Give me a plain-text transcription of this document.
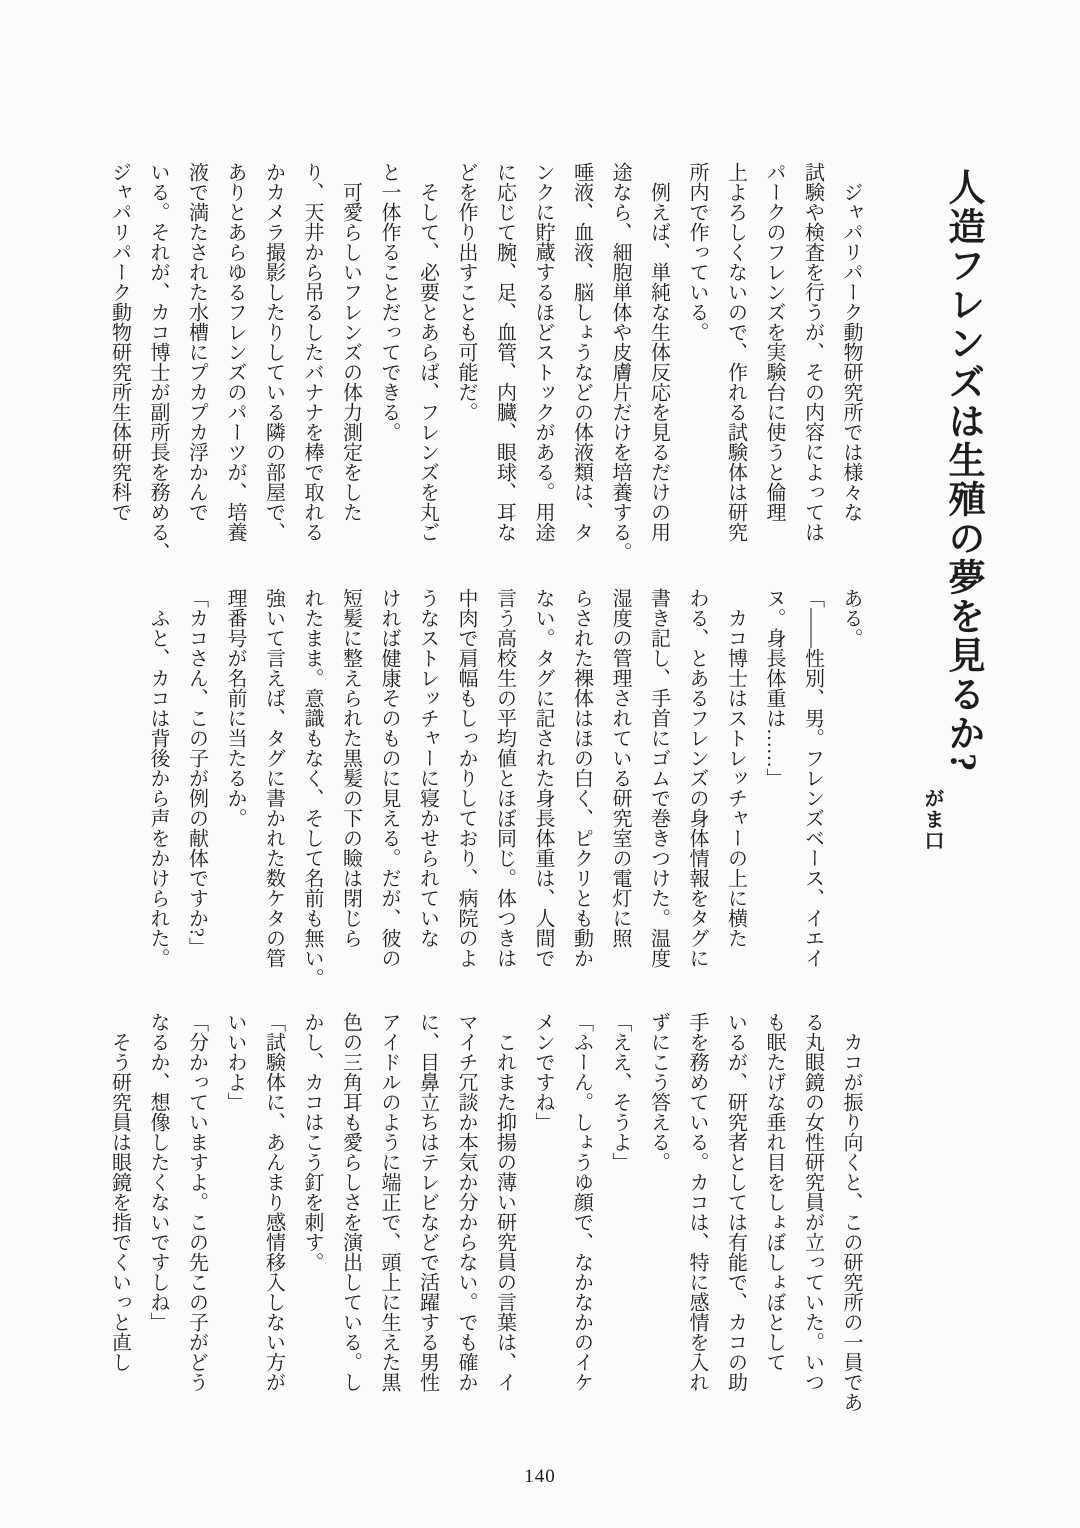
人造フレンズは生殖の夢を見るか?
がま口

　ジャパリパーク動物研究所では様々な

試験や検査を行うが、その内容によっては

パークのフレンズを実験台に使うと倫理

上よろしくないので、作れる試験体は研究

所内で作っている。

　例えば、単純な生体反応を見るだけの用

途なら、細胞単体や皮膚片だけを培養する。

唾液、血液、脳しょうなどの体液類は、タ

ンクに貯蔵するほどストックがある。用途

に応じて腕、足、血管、内臓、眼球、耳な

どを作り出すことも可能だ。

　そして、必要とあらば、フレンズを丸ご

と一体作ることだってできる。

　可愛らしいフレンズの体力測定をした

り、天井から吊るしたバナナを棒で取れる

かカメラ撮影したりしている隣の部屋で、

ありとあらゆるフレンズのパーツが、培養

液で満たされた水槽にプカプカ浮かんで

いる。それが、カコ博士が副所長を務める、

ジャパリパーク動物研究所生体研究科で

ある。

「――性別、男。フレンズベース、イエイ

ヌ。身長体重は……」

　カコ博士はストレッチャーの上に横た

わる、とあるフレンズの身体情報をタグに

書き記し、手首にゴムで巻きつけた。温度

湿度の管理されている研究室の電灯に照

らされた裸体はほの白く、ピクリとも動か

ない。タグに記された身長体重は、人間で

言う高校生の平均値とほぼ同じ。体つきは

中肉で肩幅もしっかりしており、病院のよ

うなストレッチャーに寝かせられていな

ければ健康そのものに見える。だが、彼の

短髪に整えられた黒髪の下の瞼は閉じら

れたまま。意識もなく、そして名前も無い。

強いて言えば、タグに書かれた数ケタの管

理番号が名前に当たるか。

「カコさん、この子が例の献体ですか?」

　ふと、カコは背後から声をかけられた。

　カコが振り向くと、この研究所の一員であ

る丸眼鏡の女性研究員が立っていた。いつ

も眠たげな垂れ目をしょぼしょぼとして

いるが、研究者としては有能で、カコの助

手を務めている。カコは、特に感情を入れ

ずにこう答える。

「ええ、そうよ」

「ふーん。しょうゆ顔で、なかなかのイケ

メンですね」

　これまた抑揚の薄い研究員の言葉は、イ

マイチ冗談か本気か分からない。でも確か

に、目鼻立ちはテレビなどで活躍する男性

アイドルのように端正で、頭上に生えた黒

色の三角耳も愛らしさを演出している。し

かし、カコはこう釘を刺す。

「試験体に、あんまり感情移入しない方が

いいわよ」

「分かっていますよ。この先この子がどう

なるか、想像したくないですしね」

　そう研究員は眼鏡を指でくいっと直し

140
